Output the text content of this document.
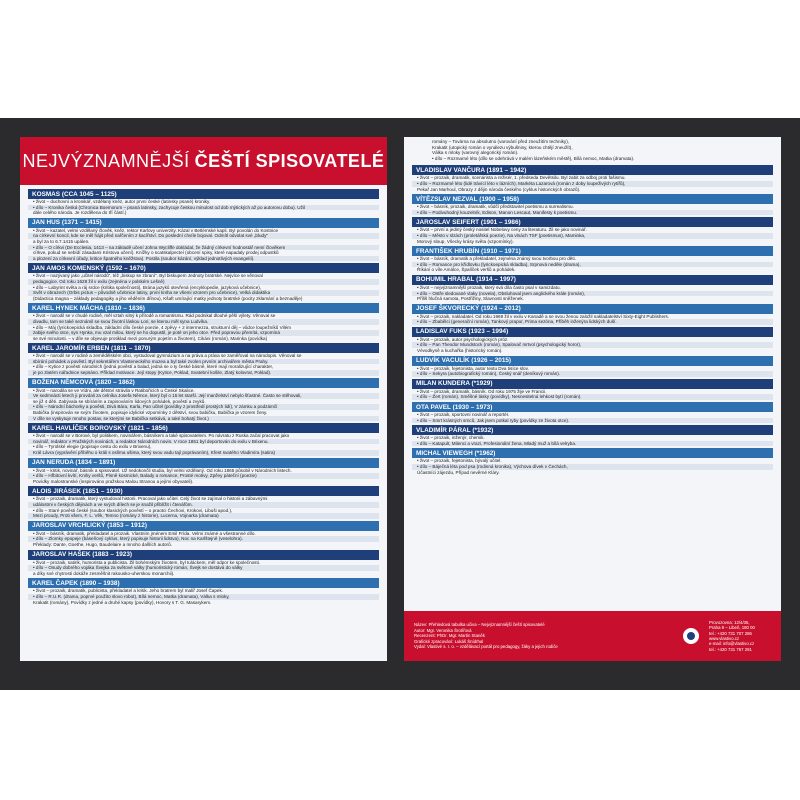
NEJVÝZNAMNĚJŠÍ ČEŠTÍ SPISOVATELÉ
KOSMAS (CCA 1045 – 1125)
• život – duchovní a kronikář, vzdělaný kněz, autor první české (latinsky psané) kroniky.
• dílo – Kronika česká (Chronica Boemorum – psaná latinsky, zachycuje českou minulost od dob mýtických až po autorovu dobu). Užil
dále celého národa. Je rozdělena do tří částí.)
JAN HUS (1371 – 1415)
• život – kazatel, velmi vzdělaný člověk, kněz, rektor Karlovy univerzity. Kázal v Betlémské kapli. Byl povolán do Kostnice
na církevní koncil, kde se měl hájit před nařčením z kacířství. Do poslední chvíle bojoval. Odmítl odvolat své „bludy“
a byl za to 6.7.1415 upálen.
• dílo – O církvi (De Ecclesia, 1413 – na základě učení Johna Wycliffe dokládal, že žádný církevní hodnostář nemí člověkem
církve, pokud se nebídí zásadami Kristova učení). Knížky o scatskalpecteí (obcení spisy, které napadaly prodej odpustků
a plození za církevní úřady, kritice špatného kněžstva). Postila (soubor kázání, výklad jednotlivých evangelií).
JAN AMOS KOMENSKÝ (1592 – 1670)
• život – nazývaný jako „učitel národů“, též „biskup se zbraní“. Byl biskupem Jednoty bratrské. Nejvíce se věnoval
pedagogice. Od roku 1628 žil v exilu (zejména v polském Lešně)
• dílo – Labyrint světa a ráj srdce (kritika společnosti), Brána jazyků otevřená (encyklopedie, jazyková učebnice),
Svět v obrazech (Orbis pictus – původně učebnice latiny, první kniha se všemi vzorem pro učebnice), Velká didaktika
(Didactica magna – základy pedagogiky a jiho věděním dílnou), Kšaft umírající matky jednoty bratrské (pocity zklamání a beznaděje)
KAREL HYNEK MÁCHA (1810 – 1836)
• život – narodil se v chudé rodině, měl vztah silný k přírodě a romantismu. Rád podnikal dlouhé pěší výlety. Věnoval se
divadlu, tam se také seznámil se svou životní láskou Lori, se kterou měl syna Ludvíka.
• dílo – Máj (lyrickoepická skladba, základní dílo české poezie, 4 zpěvy + 2 intermezza, strukturní děj – vůdce loupežníků Vilém
zabije svého otce, syn Hynka, mu vzal milou, který se ho dopustil, je poté on jeho otce. Před popravou přemítá, vzpomíná
se své minulosti. – v díle se objevuje protiklad mezi ponurým pojetím a životem), Cikáni (román), Marinka (povídka)
KAREL JAROMÍR ERBEN (1811 – 1870)
• život – narodil se v rodině a zemědělském obci, vystudoval gymnázium a na práva a práva se zaměřoval na národopis. Věnoval se
sbírání pohádek a pověstí. Byl sekretářem Vlasteneckého muzea a byl také zvolen prvním archivářem města Prahy.
• dílo – Kytice z pověstí národních (jedná pověstí a balad, jedná se o ty české básně, které mají moralizující charakter,
je po zlatém nářadnice sepsáno. Příklad motivace. Její stopy (Kytice, Poklad, Svatební košile, Zlatý kolovrat, Poklad).
BOŽENA NĚMCOVÁ (1820 – 1862)
• život – narodila se ve Vídni, ale dětství strávila v Ratibořicích u České Skalice.
Ve sedmnácti letech ji provdali za celníka Josefa Němce, který byl o 15 let starší. Její manželství nebylo šťastné. Často se stěhovali,
se již 4 děti. Zabývala se sbíráním a zapisováním lidových pohádek, pověstí a zvyků.
• dílo – Národní báchorky a pověsti, Divá Bára, Karla, Pan učitel (povídky z prostředí prostých lidí), V zámku a podzámčí
Babička (inspirován se svým životem, popisuje idylické vzpomínky z dětství, svou babičku, Babička je vzorem ženy.
V díle se vyskytuje mnoho postav, se kterými se Babička setkává, a také bohatý život.)
KAREL HAVLÍČEK BOROVSKÝ (1821 – 1856)
• život – narodil se v Borové, byl politikem, novinářem, básníkem a také spisovatelem. Po návratu z Ruska začal pracovat jako
novinář, redaktor v Pražských novinách, a redaktor Národních novin. V roce 1851 byl deportován do exilu v Brixenu.
• dílo – Tyrolské elegie (popisuje cestu do exilu v Brixenu),
Král Lávra (vyprávění příběhu o králi s oslíma ušima, který svou vadu tají poprávaním), Křest svatého Vladimíra (satira)
JAN NERUDA (1834 – 1891)
• život – kritik, novinář, básník a spisovatel. Už nedokončil studia, byl velmi vzdělaný. Od roku 1865 působil v Národních listech.
• dílo – Hřbitovní kvítí, Knihy veršů, Písně kosmické, Balady a romance, Prosté motivy, Zpěvy páteční (poezie)
Povídky malostranské (inspirováno pražskou Malou Stranou a jejími obyvateli).
ALOIS JIRÁSEK (1851 – 1930)
• život – prozaik, dramatik, který vystudoval historii. Pracoval jako učitel. Celý život se zajímal o historii a zábavnými
událostmi v českých dějinách a ve svých dílech se je snažil přiblížit i čtenářům.
• dílo – Staré pověsti české (soubor klasických pověstí – o praotci Čechovi, Krokovi, Libuši apod.),
Mezi proudy, Proti všem, F. L. Věk, Temno (romány z historie), Lucerna, Vojnarka (dramata)
JAROSLAV VRCHLICKÝ (1853 – 1912)
• život – básník, dramatik, překladatel a prozaik. Vlastním jménem Emil Frída. Velmi známé a všestranné dílo.
• dílo – Zlomky epopeje (báseňový cyklus, který popisuje historii lidstva), Noc na Karlštejně (veselohra).
Překlady: Dante, Goethe, Hugo, Baudelaire a mnoho dalších autorů.
JAROSLAV HAŠEK (1883 – 1923)
• život – prozaik, satirik, humorista a publicista. Žil bohémským životem, byl tuláckem, měl odpor ke společnosti.
• dílo – Osudy dobrého vojáka Švejka za světové války (humoristický román, Švejk se dostává do války
a díky své chytrosti dokáže zesměšnit rakousko-uherskou monarchii).
KAREL ČAPEK (1890 – 1938)
• život – prozaik, dramatik, publicista, překladatel a kritik. Jeho bratrem byl malíř Josef Čapek.
• dílo – R.U.R. (drama, poprvé použito slovo robot), Bílá nemoc, Matka (dramata), Válka s mloky,
Krakatit (romány), Povídky z jedné a druhé kapsy (povídky), Hovory s T. G. Masarykem.
romány – Továrna na absolutno (varování před zneužitím techniky),
Krakatit (utopický román o vynálezu výbušniny, kterou chtějí zneužít),
Válka s mloky (varovný alegorický román).
• dílo – Rozmarné léto (dílo se odehrává v malém lázeňském městě), Bílá nemoc, Matka (dramata).
VLADISLAV VANČURA (1891 – 1942)
• život – prozaik, dramatik, scenárista a režisér, 1. předseda Devětsilu. Byl zabit za odboj proti fašismu.
• dílo – Rozmarné léto (lidé trávící léto v lázních), Markéta Lazarová (román z doby loupeživých rytířů),
Pekař Jan Marhoul, Obrazy z dějin národa českého (cyklus historických obrazů).
VÍTĚZSLAV NEZVAL (1900 – 1958)
• život – básník, prozaik, dramatik, vůdčí představitel poetismu a surrealismu.
• dílo – Podivuhodný kouzelník, Edison, Manon Lescaut, Manifesty k poetismu.
JAROSLAV SEIFERT (1901 – 1986)
• život – první a jediný český nositel Nobelovy ceny za literaturu. Žil se jako novinář.
• dílo – Město v slzách (proletářská poezie), Na vlnách TSF (poetismus), Maminka,
Morový sloup, Všecky krásy světa (vzpomínky).
FRANTIŠEK HRUBÍN (1910 – 1971)
• život – básník, dramatik a překladatel, zejména známý svou tvorbou pro děti.
• dílo – Romance pro křídlovku (lyrickoepická skladba), Srpnová neděle (drama),
Říkání o víle Amálce, Špalíček veršů a pohádek.
BOHUMIL HRABAL (1914 – 1997)
• život – nejvýznamnější prozaik, který svá díla často psal v samizdatu.
• dílo – Ostře sledované vlaky (novela), Obsluhoval jsem anglického krále (román),
Příliš hlučná samota, Postřižiny, Slavnosti sněženek.
JOSEF ŠKVORECKÝ (1924 – 2012)
• život – prozaik, nakladatel. Od roku 1969 žil v exilu v Kanadě a se svou ženou založil nakladatelství Sixty-Eight Publishers.
• dílo – Zbabělci (generační román), Tankový prapor, Prima sezóna, Příběh inženýra lidských duší.
LADISLAV FUKS (1923 – 1994)
• život – prozaik, autor psychologických próz.
• dílo – Pan Theodor Mundstock (román), Spalovač mrtvol (psychologický horor),
Vévodkyně a kuchařka (historický román).
LUDVÍK VACULÍK (1926 – 2015)
• život – prozaik, fejetonista, autor textu Dva tisíce slov.
• dílo – Sekyra (autobiografický román), Český snář (deníkový román).
MILAN KUNDERA (*1929)
• život – prozaik, dramatik, básník. Od roku 1975 žije ve Francii.
• dílo – Žert (román), Směšné lásky (povídky), Nesnesitelná lehkost bytí (román).
OTA PAVEL (1930 – 1973)
• život – prozaik, sportovní novinář a reportér.
• dílo – Smrt krásných srnců, Jak jsem potkal ryby (povídky ze života otce).
VLADIMÍR PÁRAL (*1932)
• život – prozaik, inženýr, chemik.
• dílo – Katapult, Milenci a vrazi, Profesionální žena, Mladý muž a bílá velryba.
MICHAL VIEWEGH (*1962)
• život – prozaik, fejetonista, bývalý učitel.
• dílo – Báječná léta pod psa (rodinná kronika), Výchova dívek v Čechách,
Účastníci zájezdu, Případ nevěrné Kláry.
Název: Přehledová tabulka učiva – Nejvýznamnější čeští spisovatelé
Autor: Mgr. Veronika Šrotířová
Recenzent: PhDr. Mgr. Martin Staněk
Grafické zpracování: Lukáš Šnídrhal
Vydal: Vlastivé s. r. o. – vzdělávací portál pro pedagogy, žáky a jejich rodiče
Provozovna: 12/4/35,
Praha 9 – Libeň, 180 00
tel.: +420 731 707 286
www.vlastivo.cz
e-mail: info@vlastivo.cz
tel.: +420 731 767 291
